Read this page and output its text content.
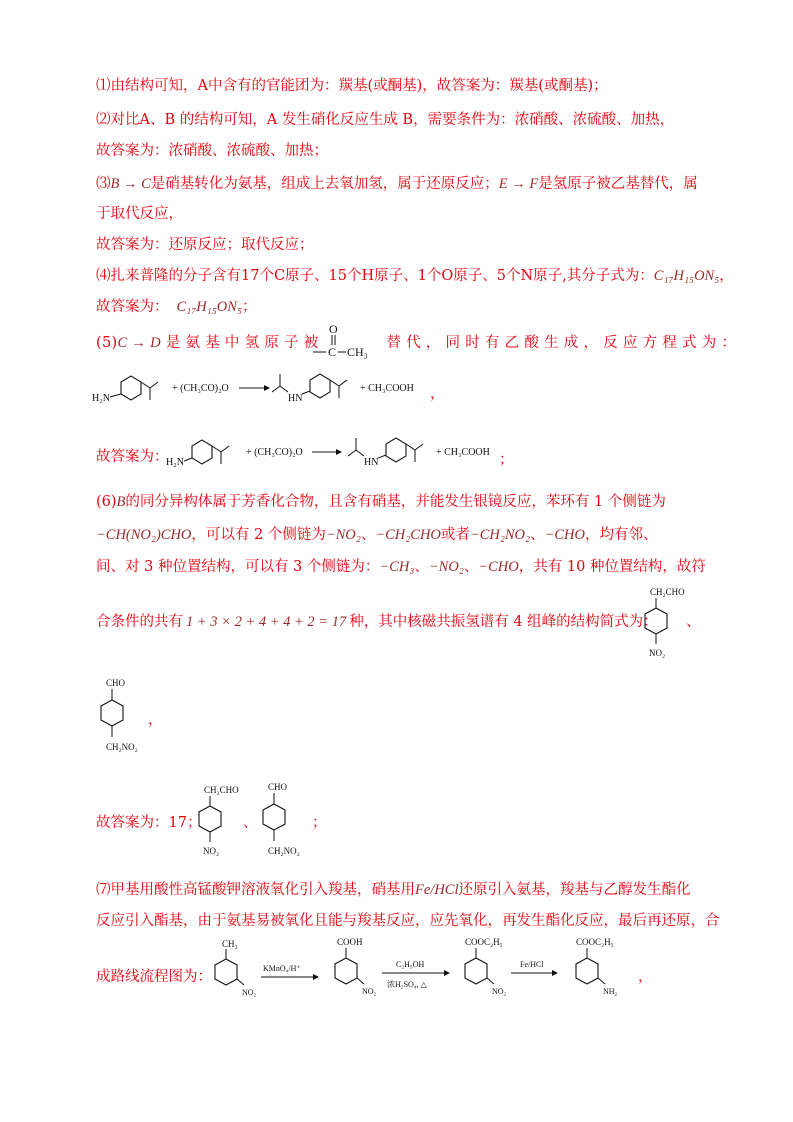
⑴由结构可知，A中含有的官能团为：羰基(或酮基)，故答案为：羰基(或酮基)；
⑵对比A、B 的结构可知，A 发生硝化反应生成 B，需要条件为：浓硝酸、浓硫酸、加热，
故答案为：浓硝酸、浓硫酸、加热；
⑶B → C是硝基转化为氨基，组成上去氧加氢，属于还原反应；E → F是氢原子被乙基替代，属
于取代反应，
故答案为：还原反应；取代反应；
⑷扎来普隆的分子含有17个C原子、15个H原子、1个O原子、5个N原子,其分子式为：C₁₇H₁₅ON₅，
故答案为： C₁₇H₁₅ON₅；
(5)C → D 是 氨 基 中 氢 原 子 被	替 代 ， 同 时 有 乙 酸 生 成 ， 反 应 方 程 式 为 ：
O
C CH₃
H₂N
+ (CH₃CO)₂O
HN
+ CH₃COOH ，
故答案为：
H₂N
+ (CH₃CO)₂O
HN
+ CH₃COOH ；
(6)B的同分异构体属于芳香化合物，且含有硝基，并能发生银镜反应，苯环有 1 个侧链为
−CH(NO₂)CHO，可以有 2 个侧链为−NO₂、−CH₂CHO或者−CH₂NO₂、−CHO，均有邻、
间、对 3 种位置结构，可以有 3 个侧链为：−CH₃、−NO₂、−CHO，共有 10 种位置结构，故符
合条件的共有 1 + 3 × 2 + 4 + 4 + 2 = 17 种，其中核磁共振氢谱有 4 组峰的结构简式为：
CH₂CHO
NO₂
、
CHO
CH₂NO₂
，
故答案为：17；
CH₂CHO
NO₂
、
CHO
CH₂NO₂
；
⑺甲基用酸性高锰酸钾溶液氧化引入羧基，硝基用Fe/HCl还原引入氨基，羧基与乙醇发生酯化
反应引入酯基，由于氨基易被氧化且能与羧基反应，应先氧化，再发生酯化反应，最后再还原，合
成路线流程图为：
CH₃
NO₂
KMnO₄/H⁺
COOH
NO₂
C₂H₅OH
浓H₂SO₄, △
COOC₂H₅
NO₂
Fe/HCl
COOC₂H₅
NH₂
，
